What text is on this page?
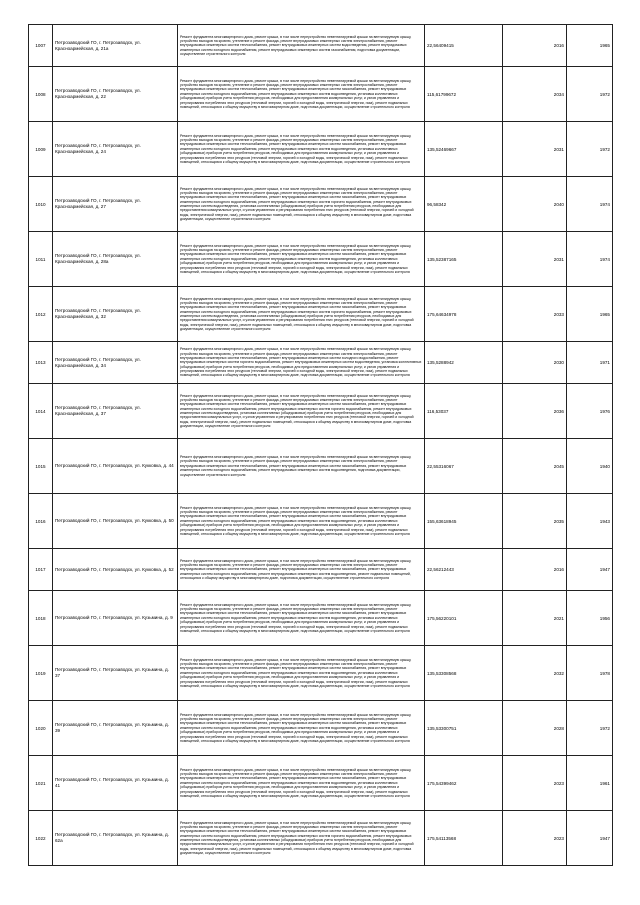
1007	Петрозаводский ГО, г. Петрозаводск, ул. Красноармейская, д. 21а	Ремонт фундамента многоквартирного дома, ремонт крыши, в том числе переустройство невентилируемой крыши на вентилируемую крышу, устройство выходов на кровлю, утепление и ремонт фасада, ремонт внутридомовых инженерных систем электроснабжения, ремонт внутридомовых инженерных систем теплоснабжения, ремонт внутридомовых инженерных систем водоотведения, ремонт внутридомовых инженерных систем холодного водоснабжения, ремонт внутридомовых инженерных систем газоснабжения, подготовка документации, осуществление строительного контроля	22,56409415	2016	1965
1008	Петрозаводский ГО, г. Петрозаводск, ул. Красноармейская, д. 22	Ремонт фундамента многоквартирного дома, ремонт крыши, в том числе переустройство невентилируемой крыши на вентилируемую крышу, устройство выходов на кровлю, утепление и ремонт фасада, ремонт внутридомовых инженерных систем электроснабжения, ремонт внутридомовых инженерных систем теплоснабжения, ремонт внутридомовых инженерных систем газоснабжения, ремонт внутридомовых инженерных систем холодного водоснабжения, ремонт внутридомовых инженерных систем водоотведения, установка коллективных (общедомовых) приборов учета потребления ресурсов, необходимых для предоставления коммунальных услуг, и узлов управления и регулирования потребления этих ресурсов (тепловой энергии, горячей и холодной воды, электрической энергии, газа), ремонт подвальных помещений, относящихся к общему имуществу в многоквартирном доме, подготовка документации, осуществление строительного контроля	115,61799672	2034	1972
1009	Петрозаводский ГО, г. Петрозаводск, ул. Красноармейская, д. 24	Ремонт фундамента многоквартирного дома, ремонт крыши, в том числе переустройство невентилируемой крыши на вентилируемую крышу, устройство выходов на кровлю, утепление и ремонт фасада, ремонт внутридомовых инженерных систем электроснабжения, ремонт внутридомовых инженерных систем теплоснабжения, ремонт внутридомовых инженерных систем газоснабжения, ремонт внутридомовых инженерных систем холодного водоснабжения, ремонт внутридомовых инженерных систем водоотведения, установка коллективных (общедомовых) приборов учета потребления ресурсов, необходимых для предоставления коммунальных услуг, и узлов управления и регулирования потребления этих ресурсов (тепловой энергии, горячей и холодной воды, электрической энергии, газа), ремонт подвальных помещений, относящихся к общему имуществу в многоквартирном доме, подготовка документации, осуществление строительного контроля	135,52469667	2031	1972
1010	Петрозаводский ГО, г. Петрозаводск, ул. Красноармейская, д. 27	Ремонт фундамента многоквартирного дома, ремонт крыши, в том числе переустройство невентилируемой крыши на вентилируемую крышу, устройство выходов на кровлю, утепление и ремонт фасада, ремонт внутридомовых инженерных систем электроснабжения, ремонт внутридомовых инженерных систем теплоснабжения, ремонт внутридомовых инженерных систем газоснабжения, ремонт внутридомовых инженерных систем холодного водоснабжения, ремонт внутридомовых инженерных систем горячего водоснабжения, ремонт внутридомовых инженерных систем водоотведения, установка коллективных (общедомовых) приборов учета потребления ресурсов, необходимых для предоставления коммунальных услуг, и узлов управления и регулирования потребления этих ресурсов (тепловой энергии, горячей и холодной воды, электрической энергии, газа), ремонт подвальных помещений, относящихся к общему имуществу в многоквартирном доме, подготовка документации, осуществление строительного контроля	96,58342	2040	1974
1011	Петрозаводский ГО, г. Петрозаводск, ул. Красноармейская, д. 28а	Ремонт фундамента многоквартирного дома, ремонт крыши, в том числе переустройство невентилируемой крыши на вентилируемую крышу, устройство выходов на кровлю, утепление и ремонт фасада, ремонт внутридомовых инженерных систем электроснабжения, ремонт внутридомовых инженерных систем теплоснабжения, ремонт внутридомовых инженерных систем газоснабжения, ремонт внутридомовых инженерных систем холодного водоснабжения, ремонт внутридомовых инженерных систем водоотведения, установка коллективных (общедомовых) приборов учета потребления ресурсов, необходимых для предоставления коммунальных услуг, и узлов управления и регулирования потребления этих ресурсов (тепловой энергии, горячей и холодной воды, электрической энергии, газа), ремонт подвальных помещений, относящихся к общему имуществу в многоквартирном доме, подготовка документации, осуществление строительного контроля	135,52387165	2031	1974
1012	Петрозаводский ГО, г. Петрозаводск, ул. Красноармейская, д. 32	Ремонт фундамента многоквартирного дома, ремонт крыши, в том числе переустройство невентилируемой крыши на вентилируемую крышу, устройство выходов на кровлю, утепление и ремонт фасада, ремонт внутридомовых инженерных систем электроснабжения, ремонт внутридомовых инженерных систем теплоснабжения, ремонт внутридомовых инженерных систем газоснабжения, ремонт внутридомовых инженерных систем холодного водоснабжения, ремонт внутридомовых инженерных систем горячего водоснабжения, ремонт внутридомовых инженерных систем водоотведения, установка коллективных (общедомовых) приборов учета потребления ресурсов, необходимых для предоставления коммунальных услуг, и узлов управления и регулирования потребления этих ресурсов (тепловой энергии, горячей и холодной воды, электрической энергии, газа), ремонт подвальных помещений, относящихся к общему имуществу в многоквартирном доме, подготовка документации, осуществление строительного контроля	175,64634978	2033	1965
1013	Петрозаводский ГО, г. Петрозаводск, ул. Красноармейская, д. 34	Ремонт фундамента многоквартирного дома, ремонт крыши, в том числе переустройство невентилируемой крыши на вентилируемую крышу, устройство выходов на кровлю, утепление и ремонт фасада, ремонт внутридомовых инженерных систем электроснабжения, ремонт внутридомовых инженерных систем теплоснабжения, ремонт внутридомовых инженерных систем холодного водоснабжения, ремонт внутридомовых инженерных систем горячего водоснабжения, ремонт внутридомовых инженерных систем водоотведения, установка коллективных (общедомовых) приборов учета потребления ресурсов, необходимых для предоставления коммунальных услуг, и узлов управления и регулирования потребления этих ресурсов (тепловой энергии, горячей и холодной воды, электрической энергии, газа), ремонт подвальных помещений, относящихся к общему имуществу в многоквартирном доме, подготовка документации, осуществление строительного контроля	135,5288942	2030	1971
1014	Петрозаводский ГО, г. Петрозаводск, ул. Красноармейская, д. 37	Ремонт фундамента многоквартирного дома, ремонт крыши, в том числе переустройство невентилируемой крыши на вентилируемую крышу, устройство выходов на кровлю, утепление и ремонт фасада, ремонт внутридомовых инженерных систем электроснабжения, ремонт внутридомовых инженерных систем теплоснабжения, ремонт внутридомовых инженерных систем газоснабжения, ремонт внутридомовых инженерных систем холодного водоснабжения, ремонт внутридомовых инженерных систем горячего водоснабжения, ремонт внутридомовых инженерных систем водоотведения, установка коллективных (общедомовых) приборов учета потребления ресурсов, необходимых для предоставления коммунальных услуг, и узлов управления и регулирования потребления этих ресурсов (тепловой энергии, горячей и холодной воды, электрической энергии, газа), ремонт подвальных помещений, относящихся к общему имуществу в многоквартирном доме, подготовка документации, осуществление строительного контроля	116,53037	2036	1976
1015	Петрозаводский ГО, г. Петрозаводск, ул. Кукковка, д. 44	Ремонт фундамента многоквартирного дома, ремонт крыши, в том числе переустройство невентилируемой крыши на вентилируемую крышу, устройство выходов на кровлю, утепление и ремонт фасада, ремонт внутридомовых инженерных систем электроснабжения, ремонт внутридомовых инженерных систем теплоснабжения, ремонт внутридомовых инженерных систем газоснабжения, ремонт внутридомовых инженерных систем холодного водоснабжения, ремонт внутридомовых инженерных систем водоотведения, подготовка документации, осуществление строительного контроля	22,55316067	2045	1940
1016	Петрозаводский ГО, г. Петрозаводск, ул. Кукковка, д. 50	Ремонт фундамента многоквартирного дома, ремонт крыши, в том числе переустройство невентилируемой крыши на вентилируемую крышу, устройство выходов на кровлю, утепление и ремонт фасада, ремонт внутридомовых инженерных систем электроснабжения, ремонт внутридомовых инженерных систем теплоснабжения, ремонт внутридомовых инженерных систем газоснабжения, ремонт внутридомовых инженерных систем холодного водоснабжения, ремонт внутридомовых инженерных систем водоотведения, установка коллективных (общедомовых) приборов учета потребления ресурсов, необходимых для предоставления коммунальных услуг, и узлов управления и регулирования потребления этих ресурсов (тепловой энергии, горячей и холодной воды, электрической энергии, газа), ремонт подвальных помещений, относящихся к общему имуществу в многоквартирном доме, подготовка документации, осуществление строительного контроля	155,63618945	2035	1943
1017	Петрозаводский ГО, г. Петрозаводск, ул. Кукковка, д. 52	Ремонт фундамента многоквартирного дома, ремонт крыши, в том числе переустройство невентилируемой крыши на вентилируемую крышу, устройство выходов на кровлю, утепление и ремонт фасада, ремонт внутридомовых инженерных систем электроснабжения, ремонт внутридомовых инженерных систем теплоснабжения, ремонт внутридомовых инженерных систем газоснабжения, ремонт внутридомовых инженерных систем холодного водоснабжения, ремонт внутридомовых инженерных систем водоотведения, ремонт подвальных помещений, относящихся к общему имуществу в многоквартирном доме, подготовка документации, осуществление строительного контроля	22,56212443	2016	1947
1018	Петрозаводский ГО, г. Петрозаводск, ул. Кузьмина, д. 9	Ремонт фундамента многоквартирного дома, ремонт крыши, в том числе переустройство невентилируемой крыши на вентилируемую крышу, устройство выходов на кровлю, утепление и ремонт фасада, ремонт внутридомовых инженерных систем электроснабжения, ремонт внутридомовых инженерных систем теплоснабжения, ремонт внутридомовых инженерных систем газоснабжения, ремонт внутридомовых инженерных систем холодного водоснабжения, ремонт внутридомовых инженерных систем водоотведения, установка коллективных (общедомовых) приборов учета потребления ресурсов, необходимых для предоставления коммунальных услуг, и узлов управления и регулирования потребления этих ресурсов (тепловой энергии, горячей и холодной воды, электрической энергии, газа), ремонт подвальных помещений, относящихся к общему имуществу в многоквартирном доме, подготовка документации, осуществление строительного контроля	175,56220101	2021	1956
1019	Петрозаводский ГО, г. Петрозаводск, ул. Кузьмина, д. 37	Ремонт фундамента многоквартирного дома, ремонт крыши, в том числе переустройство невентилируемой крыши на вентилируемую крышу, устройство выходов на кровлю, утепление и ремонт фасада, ремонт внутридомовых инженерных систем электроснабжения, ремонт внутридомовых инженерных систем теплоснабжения, ремонт внутридомовых инженерных систем газоснабжения, ремонт внутридомовых инженерных систем холодного водоснабжения, ремонт внутридомовых инженерных систем водоотведения, установка коллективных (общедомовых) приборов учета потребления ресурсов, необходимых для предоставления коммунальных услуг, и узлов управления и регулирования потребления этих ресурсов (тепловой энергии, горячей и холодной воды, электрической энергии, газа), ремонт подвальных помещений, относящихся к общему имуществу в многоквартирном доме, подготовка документации, осуществление строительного контроля	135,53308568	2032	1978
1020	Петрозаводский ГО, г. Петрозаводск, ул. Кузьмина, д. 39	Ремонт фундамента многоквартирного дома, ремонт крыши, в том числе переустройство невентилируемой крыши на вентилируемую крышу, устройство выходов на кровлю, утепление и ремонт фасада, ремонт внутридомовых инженерных систем электроснабжения, ремонт внутридомовых инженерных систем теплоснабжения, ремонт внутридомовых инженерных систем газоснабжения, ремонт внутридомовых инженерных систем холодного водоснабжения, ремонт внутридомовых инженерных систем водоотведения, установка коллективных (общедомовых) приборов учета потребления ресурсов, необходимых для предоставления коммунальных услуг, и узлов управления и регулирования потребления этих ресурсов (тепловой энергии, горячей и холодной воды, электрической энергии, газа), ремонт подвальных помещений, относящихся к общему имуществу в многоквартирном доме, подготовка документации, осуществление строительного контроля	135,53300751	2028	1972
1021	Петрозаводский ГО, г. Петрозаводск, ул. Кузьмина, д. 41	Ремонт фундамента многоквартирного дома, ремонт крыши, в том числе переустройство невентилируемой крыши на вентилируемую крышу, устройство выходов на кровлю, утепление и ремонт фасада, ремонт внутридомовых инженерных систем электроснабжения, ремонт внутридомовых инженерных систем теплоснабжения, ремонт внутридомовых инженерных систем газоснабжения, ремонт внутридомовых инженерных систем холодного водоснабжения, ремонт внутридомовых инженерных систем водоотведения, установка коллективных (общедомовых) приборов учета потребления ресурсов, необходимых для предоставления коммунальных услуг, и узлов управления и регулирования потребления этих ресурсов (тепловой энергии, горячей и холодной воды, электрической энергии, газа), ремонт подвальных помещений, относящихся к общему имуществу в многоквартирном доме, подготовка документации, осуществление строительного контроля	175,54399462	2023	1961
1022	Петрозаводский ГО, г. Петрозаводск, ул. Кузьмина, д. 62а	Ремонт фундамента многоквартирного дома, ремонт крыши, в том числе переустройство невентилируемой крыши на вентилируемую крышу, устройство выходов на кровлю, утепление и ремонт фасада, ремонт внутридомовых инженерных систем электроснабжения, ремонт внутридомовых инженерных систем теплоснабжения, ремонт внутридомовых инженерных систем газоснабжения, ремонт внутридомовых инженерных систем холодного водоснабжения, ремонт внутридомовых инженерных систем горячего водоснабжения, ремонт внутридомовых инженерных систем водоотведения, установка коллективных (общедомовых) приборов учета потребления ресурсов, необходимых для предоставления коммунальных услуг, и узлов управления и регулирования потребления этих ресурсов (тепловой энергии, горячей и холодной воды, электрической энергии, газа), ремонт подвальных помещений, относящихся к общему имуществу в многоквартирном доме, подготовка документации, осуществление строительного контроля	175,54113568	2023	1947
